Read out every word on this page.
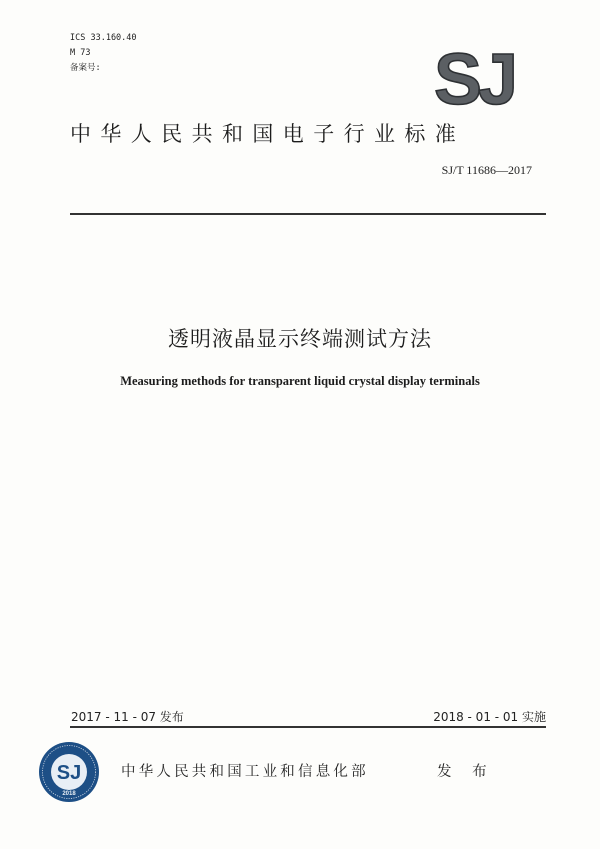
ICS 33.160.40
M 73
备案号:	SJ
中华人民共和国电子行业标准
SJ/T 11686—2017
透明液晶显示终端测试方法
Measuring methods for transparent liquid crystal display terminals
2017 - 11 - 07 发布	2018 - 01 - 01 实施
SJ
2018
中华人民共和国工业和信息化部	发 布
